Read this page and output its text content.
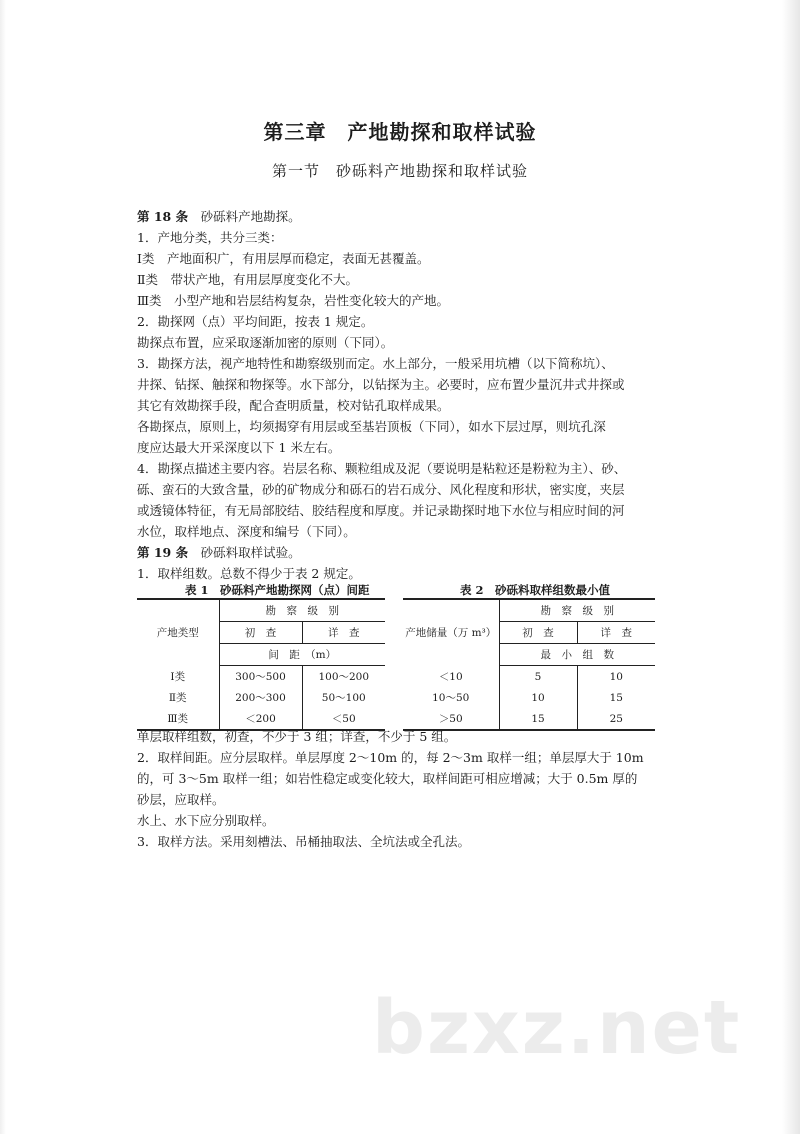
第三章　产地勘探和取样试验
第一节　砂砾料产地勘探和取样试验
第 18 条　砂砾料产地勘探。
1．产地分类，共分三类：
Ⅰ类　产地面积广，有用层厚而稳定，表面无甚覆盖。
Ⅱ类　带状产地，有用层厚度变化不大。
Ⅲ类　小型产地和岩层结构复杂，岩性变化较大的产地。
2．勘探网（点）平均间距，按表 1 规定。
勘探点布置，应采取逐渐加密的原则（下同）。
3．勘探方法，视产地特性和勘察级别而定。水上部分，一般采用坑槽（以下简称坑）、
井探、钻探、触探和物探等。水下部分，以钻探为主。必要时，应布置少量沉井式井探或
其它有效勘探手段，配合查明质量，校对钻孔取样成果。
各勘探点，原则上，均须揭穿有用层或至基岩顶板（下同），如水下层过厚，则坑孔深
度应达最大开采深度以下 1 米左右。
4．勘探点描述主要内容。岩层名称、颗粒组成及泥（要说明是粘粒还是粉粒为主）、砂、
砾、蛮石的大致含量，砂的矿物成分和砾石的岩石成分、风化程度和形状，密实度，夹层
或透镜体特征，有无局部胶结、胶结程度和厚度。并记录勘探时地下水位与相应时间的河
水位，取样地点、深度和编号（下同）。
第 19 条　砂砾料取样试验。
1．取样组数。总数不得少于表 2 规定。
表 1　砂砾料产地勘探网（点）间距
产地类型	勘　察　级　别	
	初　查	详　查
	间　距　（m）	
Ⅰ类	300～500	100～200
Ⅱ类	200～300	50～100
Ⅲ类	＜200	＜50
表 2　砂砾料取样组数最小值
产地储量（万 m³）	勘　察　级　别	
	初　查	详　查
	最　小　组　数	
＜10	5	10
10～50	10	15
＞50	15	25
单层取样组数，初查，不少于 3 组；详查，不少于 5 组。
2．取样间距。应分层取样。单层厚度 2～10m 的，每 2～3m 取样一组；单层厚大于 10m
的，可 3～5m 取样一组；如岩性稳定或变化较大，取样间距可相应增减；大于 0.5m 厚的
砂层，应取样。
水上、水下应分别取样。
3．取样方法。采用刻槽法、吊桶抽取法、全坑法或全孔法。
bzxz.net
